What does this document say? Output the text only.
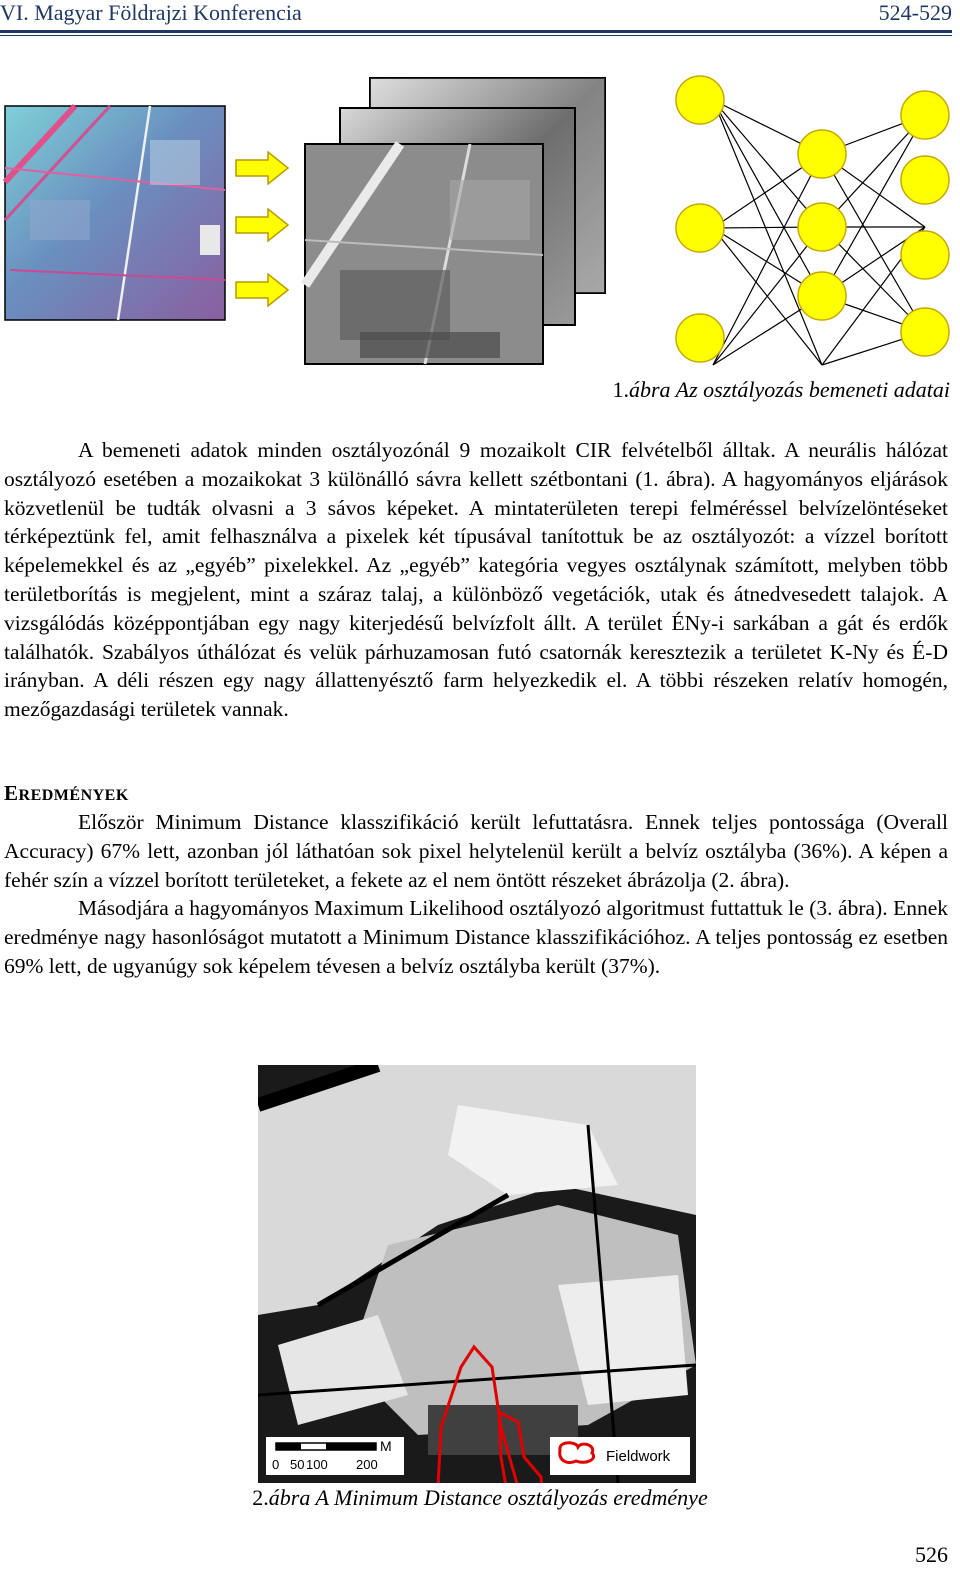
VI. Magyar Földrajzi Konferencia	524-529
1.ábra Az osztályozás bemeneti adatai

A bemeneti adatok minden osztályozónál 9 mozaikolt CIR felvételből álltak. A neurális hálózat osztályozó esetében a mozaikokat 3 különálló sávra kellett szétbontani (1. ábra). A hagyományos eljárások közvetlenül be tudták olvasni a 3 sávos képeket. A mintaterületen terepi felméréssel belvízelöntéseket térképeztünk fel, amit felhasználva a pixelek két típusával tanítottuk be az osztályozót: a vízzel borított képelemekkel és az „egyéb” pixelekkel. Az „egyéb” kategória vegyes osztálynak számított, melyben több területborítás is megjelent, mint a száraz talaj, a különböző vegetációk, utak és átnedvesedett talajok. A vizsgálódás középpontjában egy nagy kiterjedésű belvízfolt állt. A terület ÉNy-i sarkában a gát és erdők találhatók. Szabályos úthálózat és velük párhuzamosan futó csatornák keresztezik a területet K-Ny és É-D irányban. A déli részen egy nagy állattenyésztő farm helyezkedik el. A többi részeken relatív homogén, mezőgazdasági területek vannak.

EREDMÉNYEK

Először Minimum Distance klasszifikáció került lefuttatásra. Ennek teljes pontossága (Overall Accuracy) 67% lett, azonban jól láthatóan sok pixel helytelenül került a belvíz osztályba (36%). A képen a fehér szín a vízzel borított területeket, a fekete az el nem öntött részeket ábrázolja (2. ábra).

Másodjára a hagyományos Maximum Likelihood osztályozó algoritmust futtattuk le (3. ábra). Ennek eredménye nagy hasonlóságot mutatott a Minimum Distance klasszifikációhoz. A teljes pontosság ez esetben 69% lett, de ugyanúgy sok képelem tévesen a belvíz osztályba került (37%).

M
0 50 100 200	Fieldwork
2.ábra A Minimum Distance osztályozás eredménye
526
